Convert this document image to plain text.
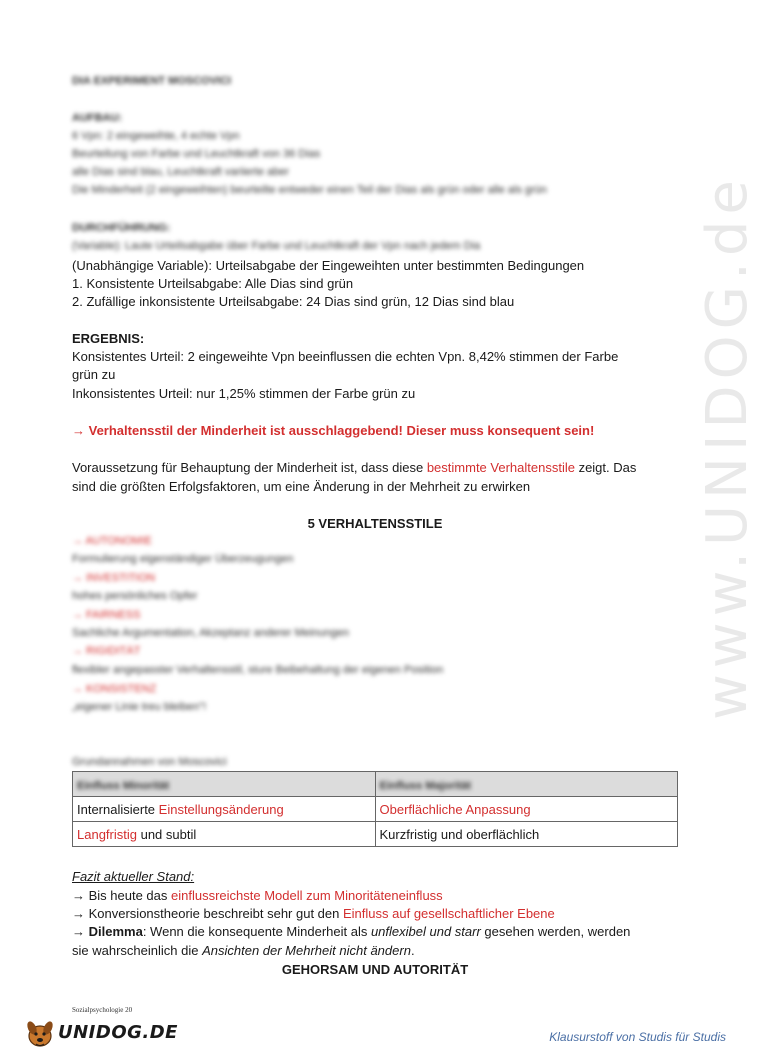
www.UNIDOG.de
DIA EXPERIMENT MOSCOVICI
AUFBAU:
6 Vpn: 2 eingeweihte, 4 echte Vpn
Beurteilung von Farbe und Leuchtkraft von 36 Dias
alle Dias sind blau, Leuchtkraft variierte aber
Die Minderheit (2 eingeweihten) beurteilte entweder einen Teil der Dias als grün oder alle als grün
DURCHFÜHRUNG:
(Variable): Laute Urteilsabgabe über Farbe und Leuchtkraft der Vpn nach jedem Dia
(Unabhängige Variable): Urteilsabgabe der Eingeweihten unter bestimmten Bedingungen
1. Konsistente Urteilsabgabe: Alle Dias sind grün
2. Zufällige inkonsistente Urteilsabgabe: 24 Dias sind grün, 12 Dias sind blau
ERGEBNIS:
Konsistentes Urteil: 2 eingeweihte Vpn beeinflussen die echten Vpn. 8,42% stimmen der Farbe
grün zu
Inkonsistentes Urteil: nur 1,25% stimmen der Farbe grün zu
→ Verhaltensstil der Minderheit ist ausschlaggebend! Dieser muss konsequent sein!
Voraussetzung für Behauptung der Minderheit ist, dass diese bestimmte Verhaltensstile zeigt. Das
sind die größten Erfolgsfaktoren, um eine Änderung in der Mehrheit zu erwirken
5 VERHALTENSSTILE
→ AUTONOMIE
Formulierung eigenständiger Überzeugungen
→ INVESTITION
hohes persönliches Opfer
→ FAIRNESS
Sachliche Argumentation, Akzeptanz anderer Meinungen
→ RIGIDITÄT
flexibler angepasster Verhaltensstil, sture Beibehaltung der eigenen Position
→ KONSISTENZ
„eigener Linie treu bleiben"!
Grundannahmen von Moscovici
Einfluss Minorität	Einfluss Majorität
Internalisierte Einstellungsänderung	Oberflächliche Anpassung
Langfristig und subtil	Kurzfristig und oberflächlich
Fazit aktueller Stand:
→ Bis heute das einflussreichste Modell zum Minoritäteneinfluss
→ Konversionstheorie beschreibt sehr gut den Einfluss auf gesellschaftlicher Ebene
→ Dilemma: Wenn die konsequente Minderheit als unflexibel und starr gesehen werden, werden
sie wahrscheinlich die Ansichten der Mehrheit nicht ändern.
GEHORSAM UND AUTORITÄT
Sozialpsychologie 20
UNIDOG.DE	Klausurstoff von Studis für Studis
